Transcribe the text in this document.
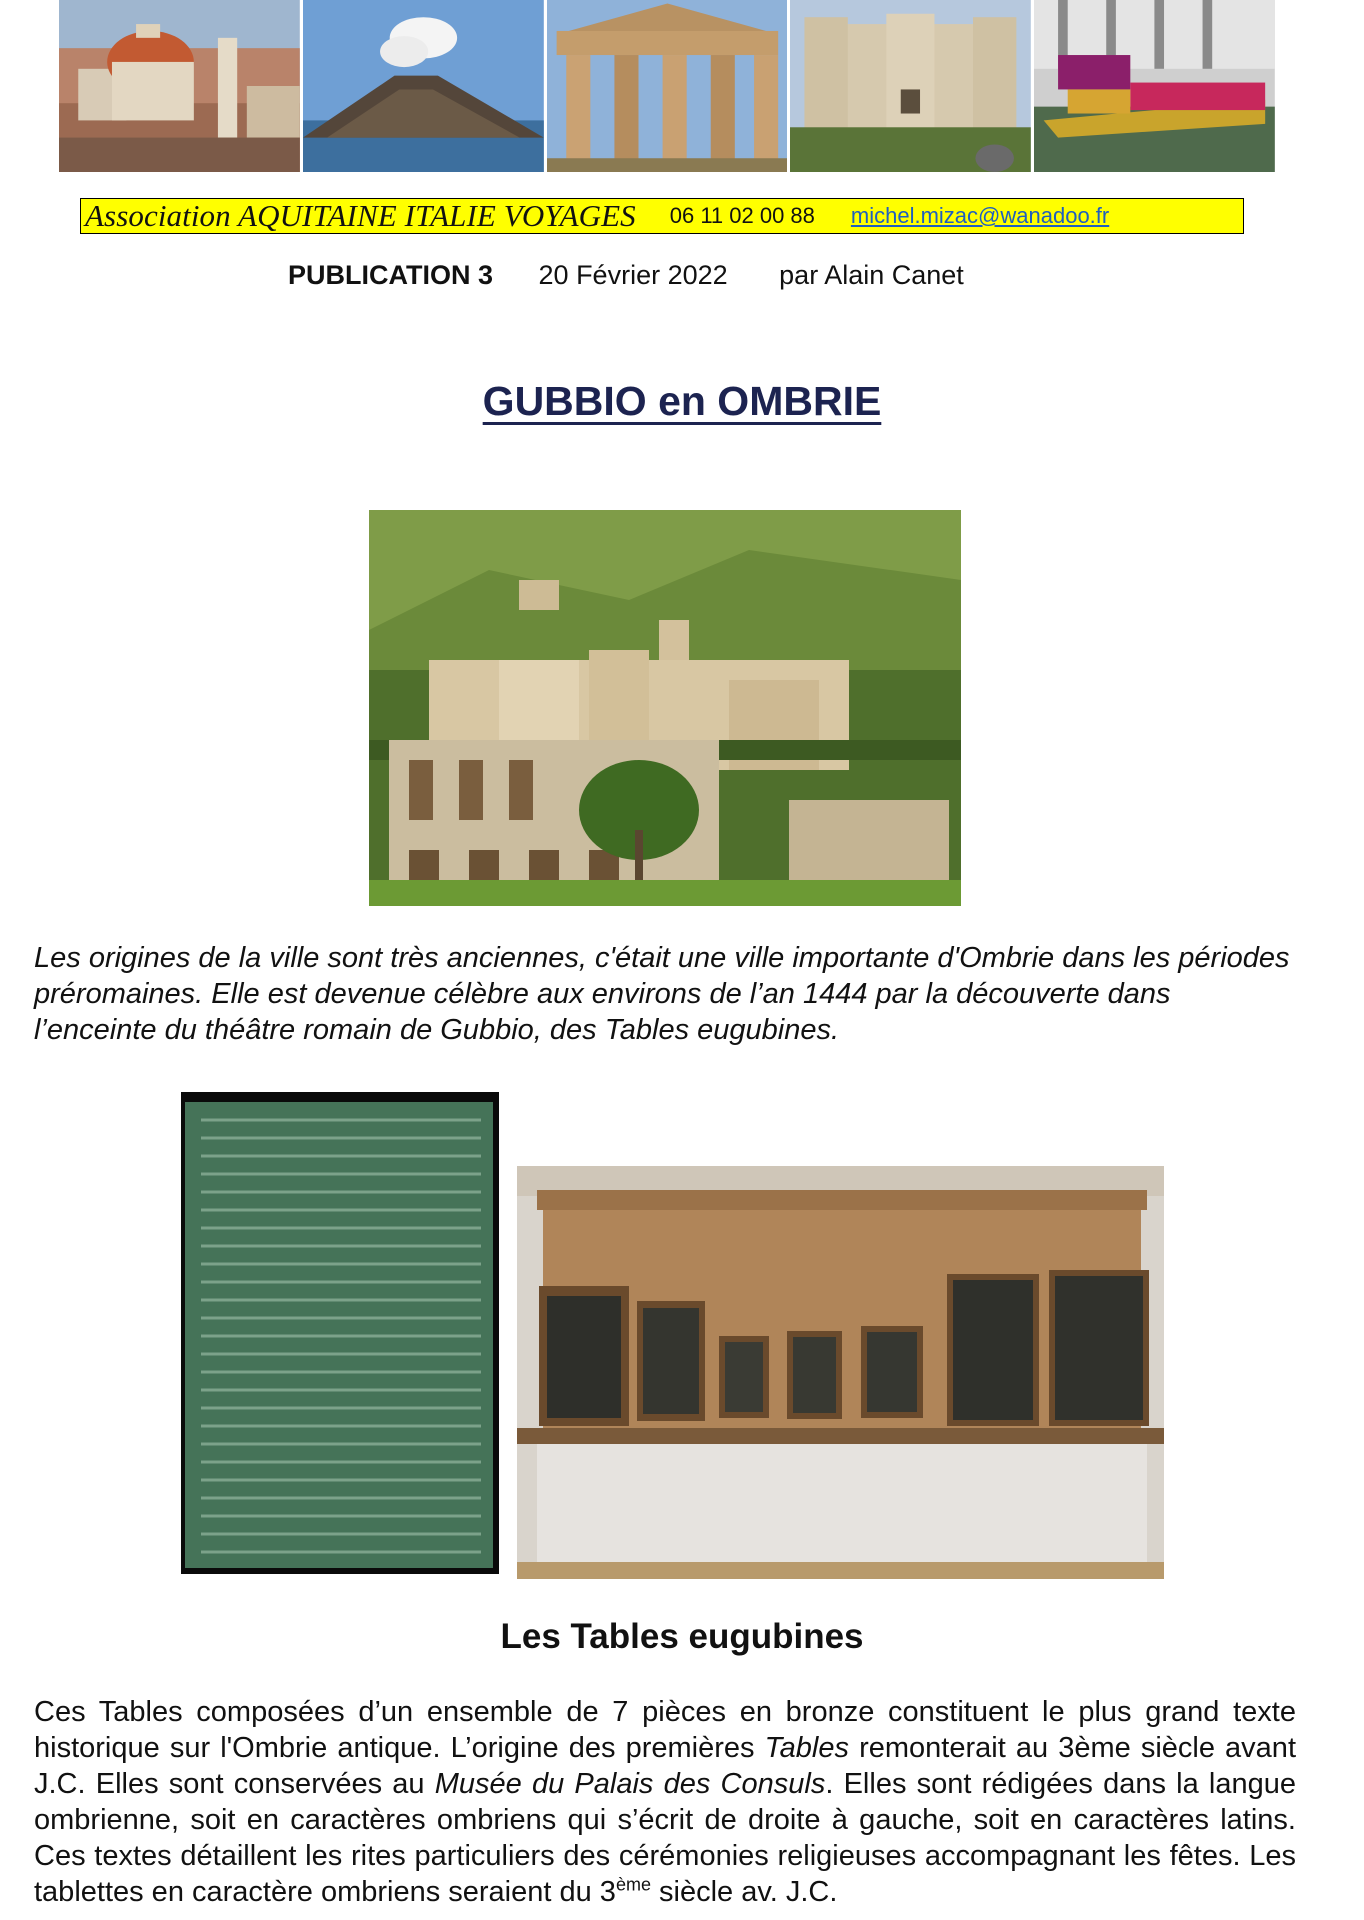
Association AQUITAINE ITALIE VOYAGES 06 11 02 00 88 michel.mizac@wanadoo.fr
PUBLICATION 3 20 Février 2022 par Alain Canet
GUBBIO en OMBRIE

Les origines de la ville sont très anciennes, c'était une ville importante d'Ombrie dans les périodes préromaines. Elle est devenue célèbre aux environs de l’an 1444 par la découverte dans l’enceinte du théâtre romain de Gubbio, des Tables eugubines.

Les Tables eugubines

Ces Tables composées d’un ensemble de 7 pièces en bronze constituent le plus grand texte historique sur l'Ombrie antique. L’origine des premières Tables remonterait au 3ème siècle avant J.C. Elles sont conservées au Musée du Palais des Consuls. Elles sont rédigées dans la langue ombrienne, soit en caractères ombriens qui s’écrit de droite à gauche, soit en caractères latins. Ces textes détaillent les rites particuliers des cérémonies religieuses accompagnant les fêtes. Les tablettes en caractère ombriens seraient du 3ème siècle av. J.C.
